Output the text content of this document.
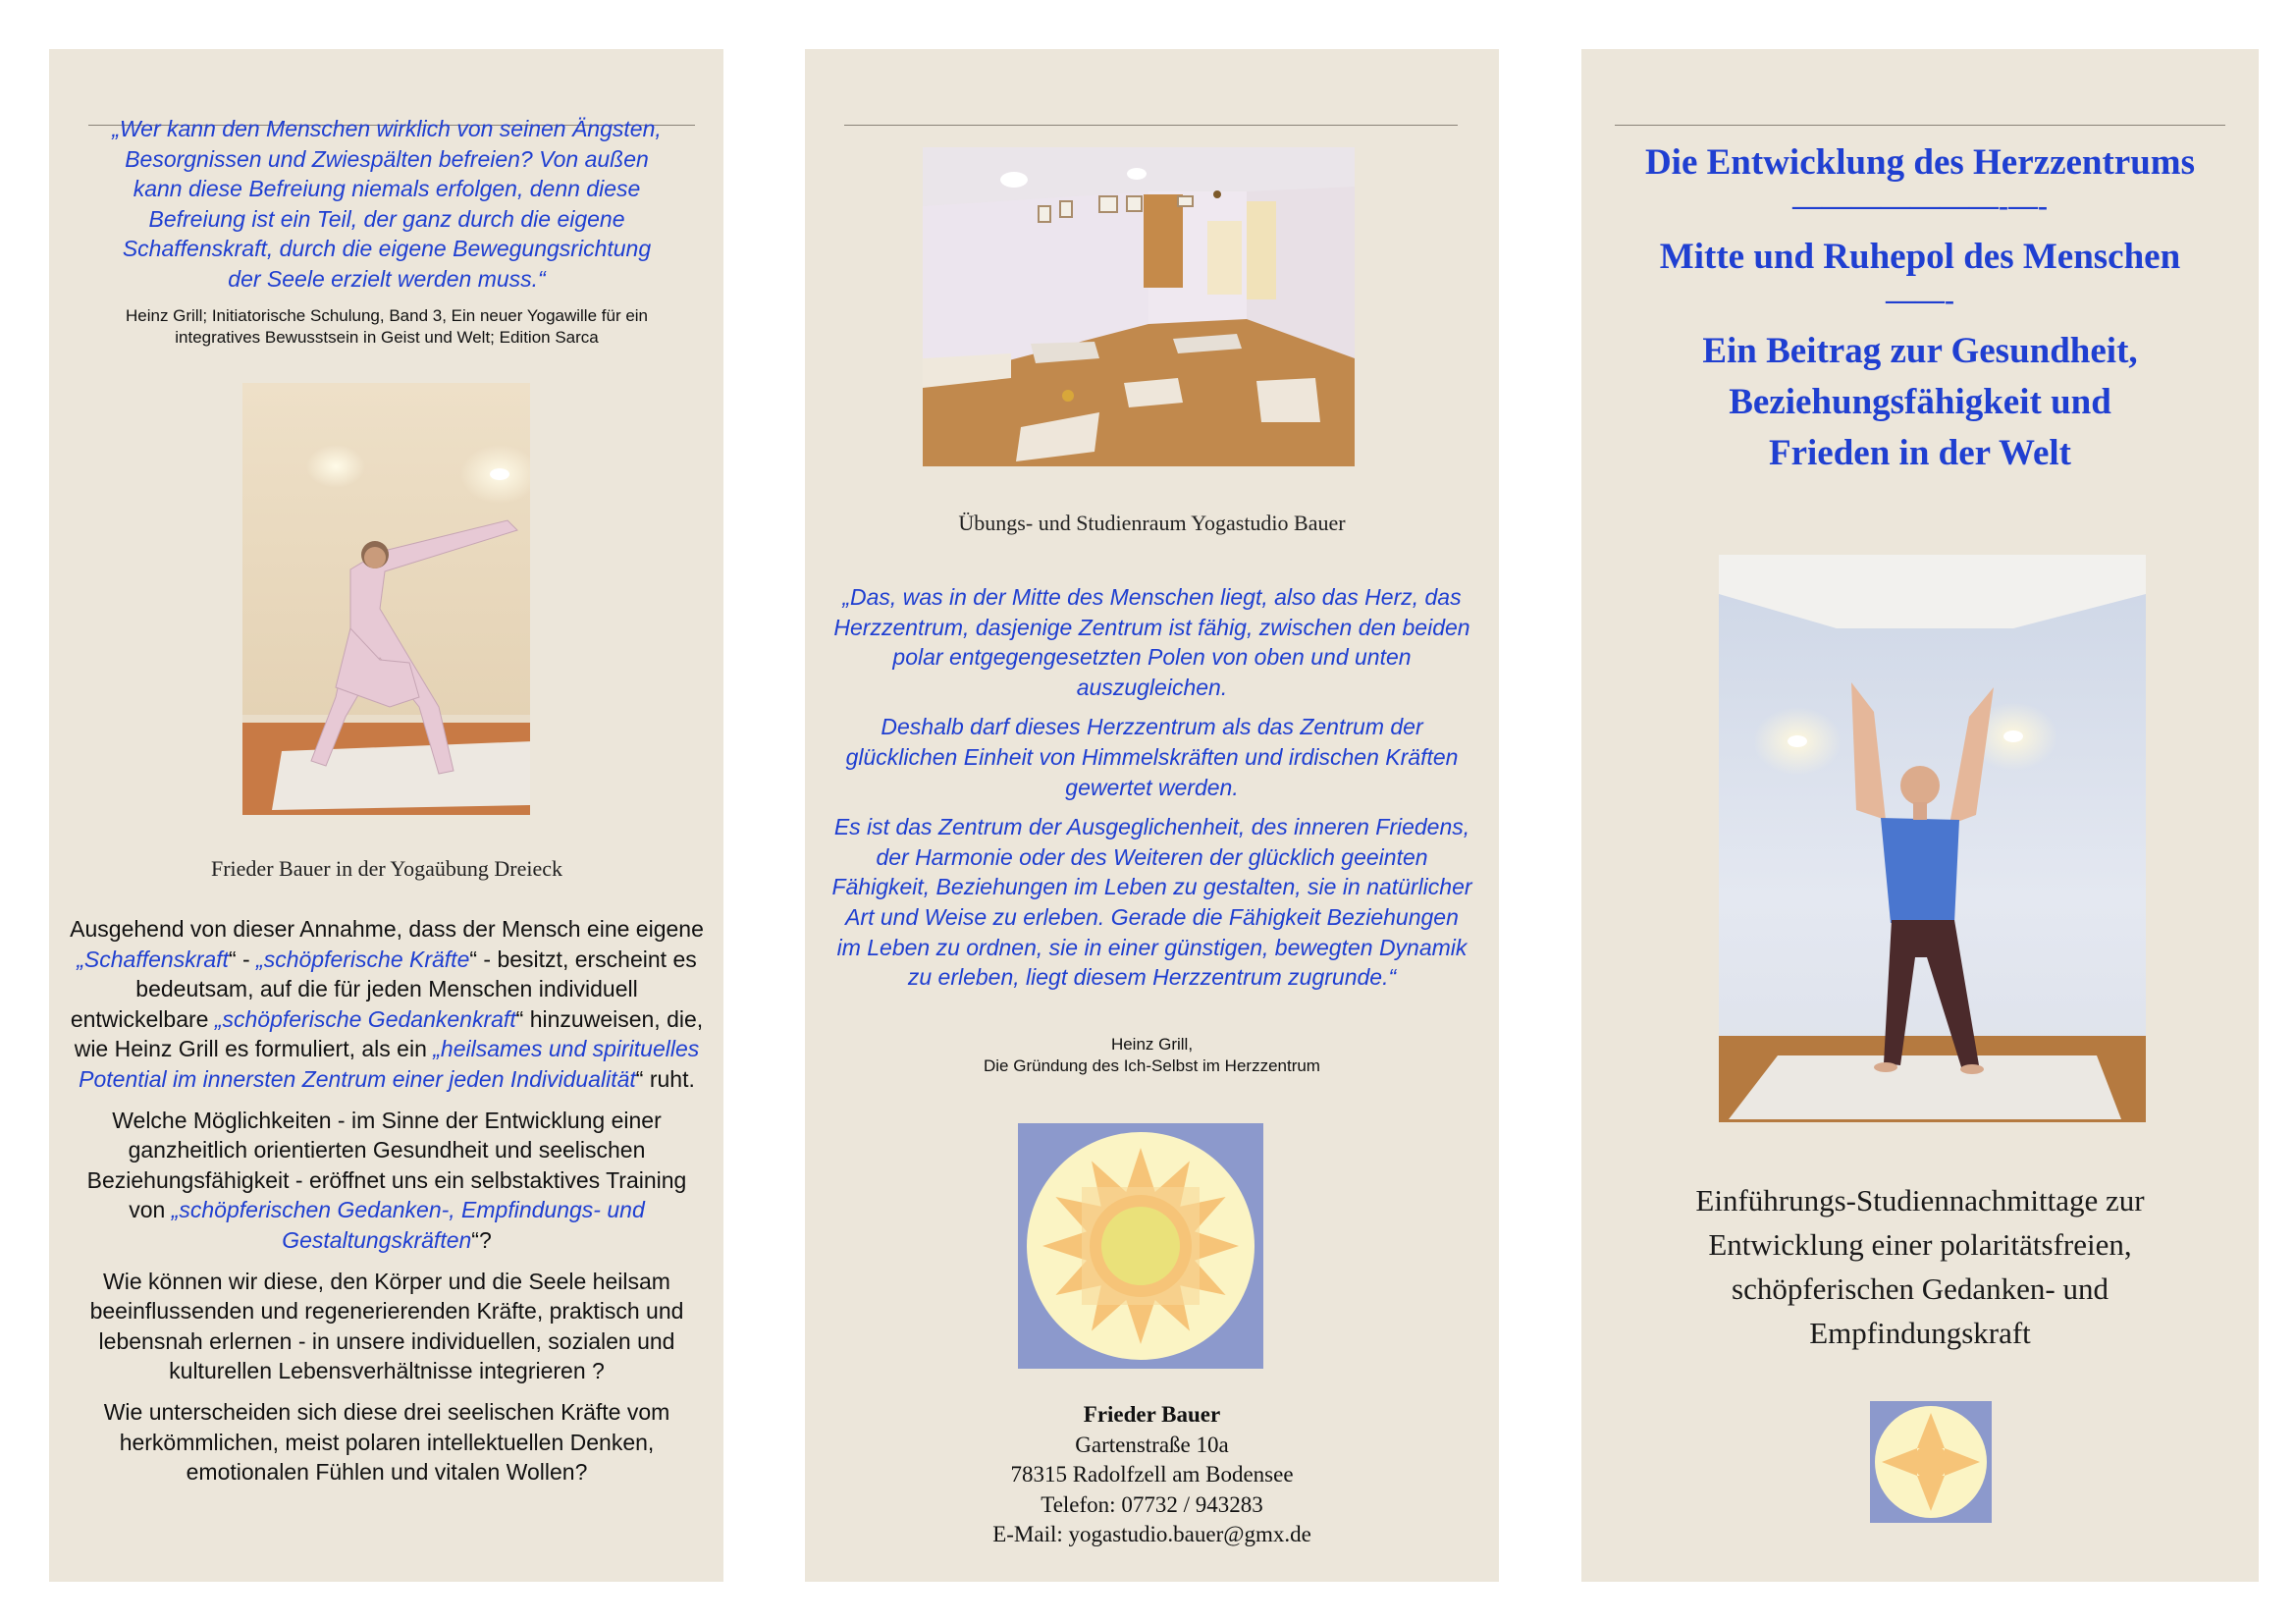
„Wer kann den Menschen wirklich von seinen Ängsten,
Besorgnissen und Zwiespälten befreien? Von außen
kann diese Befreiung niemals erfolgen, denn diese
Befreiung ist ein Teil, der ganz durch die eigene
Schaffenskraft, durch die eigene Bewegungsrichtung
der Seele erzielt werden muss.“
Heinz Grill; Initiatorische Schulung, Band 3, Ein neuer Yogawille für ein
integratives Bewusstsein in Geist und Welt; Edition Sarca
Frieder Bauer in der Yogaübung Dreieck

Ausgehend von dieser Annahme, dass der Mensch eine eigene „Schaffenskraft“ - „schöpferische Kräfte“ - besitzt, erscheint es bedeutsam, auf die für jeden Menschen individuell entwickelbare „schöpferische Gedankenkraft“ hinzuweisen, die, wie Heinz Grill es formuliert, als ein „heilsames und spirituelles Potential im innersten Zentrum einer jeden Individualität“ ruht.

Welche Möglichkeiten - im Sinne der Entwicklung einer ganzheitlich orientierten Gesundheit und seelischen Beziehungsfähigkeit - eröffnet uns ein selbstaktives Training von „schöpferischen Gedanken-, Empfindungs- und Gestaltungskräften“?

Wie können wir diese, den Körper und die Seele heilsam beeinflussenden und regenerierenden Kräfte, praktisch und lebensnah erlernen - in unsere individuellen, sozialen und kulturellen Lebensverhältnisse integrieren ?

Wie unterscheiden sich diese drei seelischen Kräfte vom herkömmlichen, meist polaren intellektuellen Denken, emotionalen Fühlen und vitalen Wollen?

Übungs- und Studienraum Yogastudio Bauer

„Das, was in der Mitte des Menschen liegt, also das Herz, das Herzzentrum, dasjenige Zentrum ist fähig, zwischen den beiden polar entgegengesetzten Polen von oben und unten auszugleichen.

Deshalb darf dieses Herzzentrum als das Zentrum der glücklichen Einheit von Himmelskräften und irdischen Kräften gewertet werden.

Es ist das Zentrum der Ausgeglichenheit, des inneren Friedens, der Harmonie oder des Weiteren der glücklich geeinten Fähigkeit, Beziehungen im Leben zu gestalten, sie in natürlicher Art und Weise zu erleben. Gerade die Fähigkeit Beziehungen im Leben zu ordnen, sie in einer günstigen, bewegten Dynamik zu erleben, liegt diesem Herzzentrum zugrunde.“

Heinz Grill,
Die Gründung des Ich-Selbst im Herzzentrum
Frieder Bauer
Gartenstraße 10a
78315 Radolfzell am Bodensee
Telefon: 07732 / 943283
E-Mail: yogastudio.bauer@gmx.de

Die Entwicklung des Herzzentrums

———————-—-

Mitte und Ruhepol des Menschen

——-

Ein Beitrag zur Gesundheit,

Beziehungsfähigkeit und

Frieden in der Welt

Einführungs-Studiennachmittage zur
Entwicklung einer polaritätsfreien,
schöpferischen Gedanken- und
Empfindungskraft
